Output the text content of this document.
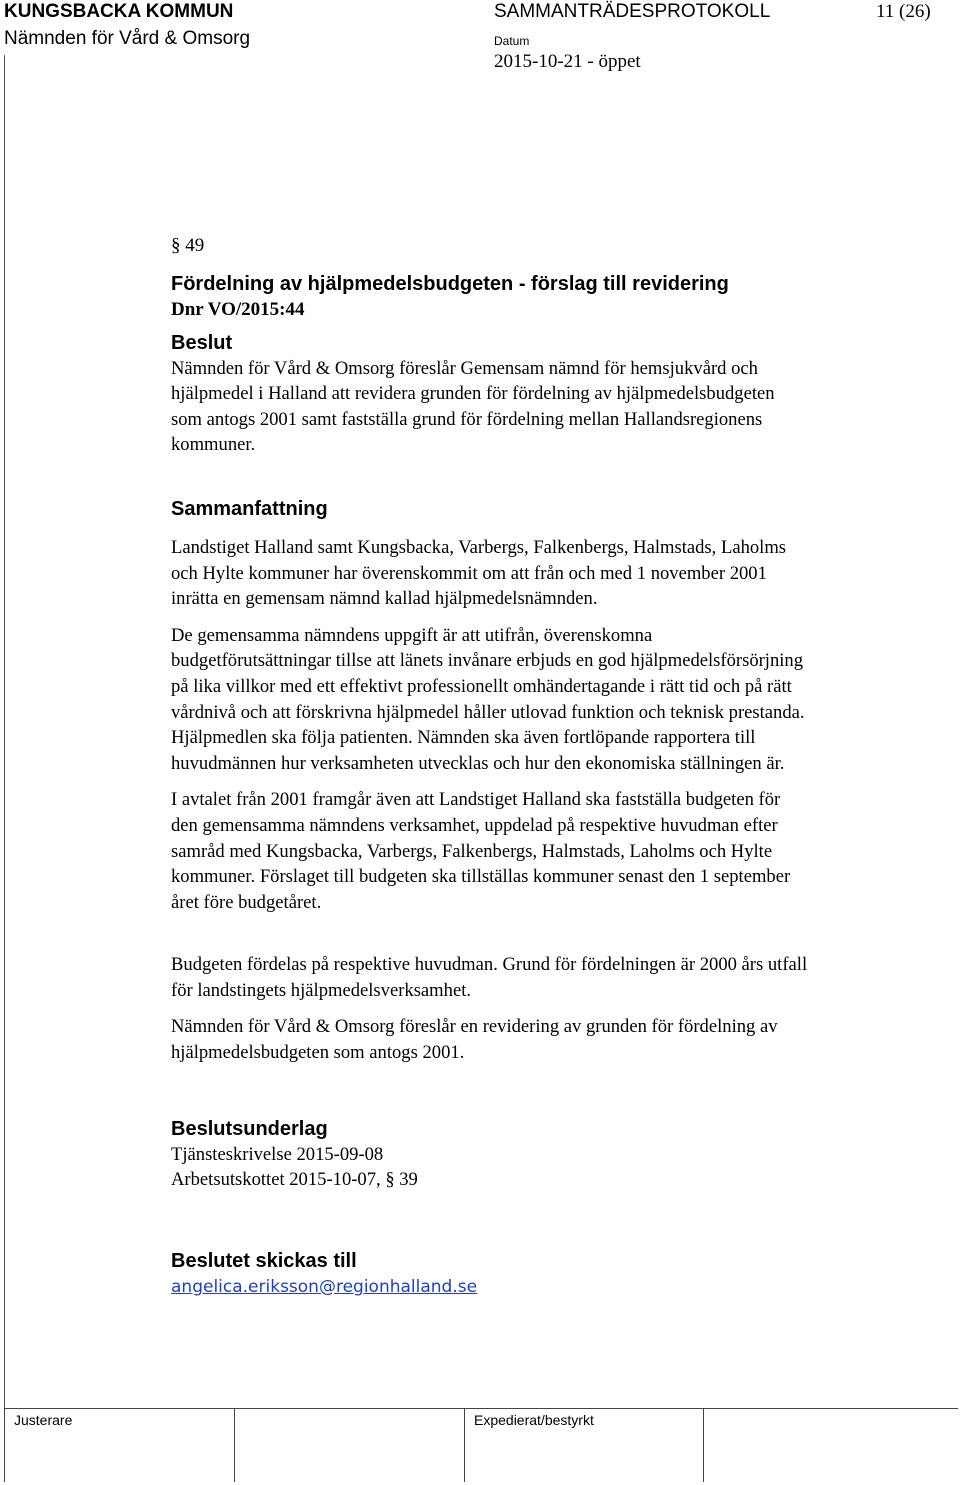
KUNGSBACKA KOMMUN
Nämnden för Vård & Omsorg
SAMMANTRÄDESPROTOKOLL	11 (26)
Datum
2015-10-21 - öppet

§ 49

Fördelning av hjälpmedelsbudgeten - förslag till revidering

Dnr VO/2015:44

Beslut

Nämnden för Vård & Omsorg föreslår Gemensam nämnd för hemsjukvård och

hjälpmedel i Halland att revidera grunden för fördelning av hjälpmedelsbudgeten

som antogs 2001 samt fastställa grund för fördelning mellan Hallandsregionens

kommuner.

Sammanfattning

Landstiget Halland samt Kungsbacka, Varbergs, Falkenbergs, Halmstads, Laholms

och Hylte kommuner har överenskommit om att från och med 1 november 2001

inrätta en gemensam nämnd kallad hjälpmedelsnämnden.

De gemensamma nämndens uppgift är att utifrån, överenskomna

budgetförutsättningar tillse att länets invånare erbjuds en god hjälpmedelsförsörjning

på lika villkor med ett effektivt professionellt omhändertagande i rätt tid och på rätt

vårdnivå och att förskrivna hjälpmedel håller utlovad funktion och teknisk prestanda.

Hjälpmedlen ska följa patienten. Nämnden ska även fortlöpande rapportera till

huvudmännen hur verksamheten utvecklas och hur den ekonomiska ställningen är.

I avtalet från 2001 framgår även att Landstiget Halland ska fastställa budgeten för

den gemensamma nämndens verksamhet, uppdelad på respektive huvudman efter

samråd med Kungsbacka, Varbergs, Falkenbergs, Halmstads, Laholms och Hylte

kommuner. Förslaget till budgeten ska tillställas kommuner senast den 1 september

året före budgetåret.

Budgeten fördelas på respektive huvudman. Grund för fördelningen är 2000 års utfall

för landstingets hjälpmedelsverksamhet.

Nämnden för Vård & Omsorg föreslår en revidering av grunden för fördelning av

hjälpmedelsbudgeten som antogs 2001.

Beslutsunderlag

Tjänsteskrivelse 2015-09-08

Arbetsutskottet 2015-10-07, § 39

Beslutet skickas till

angelica.eriksson@regionhalland.se

Justerare	Expedierat/bestyrkt
